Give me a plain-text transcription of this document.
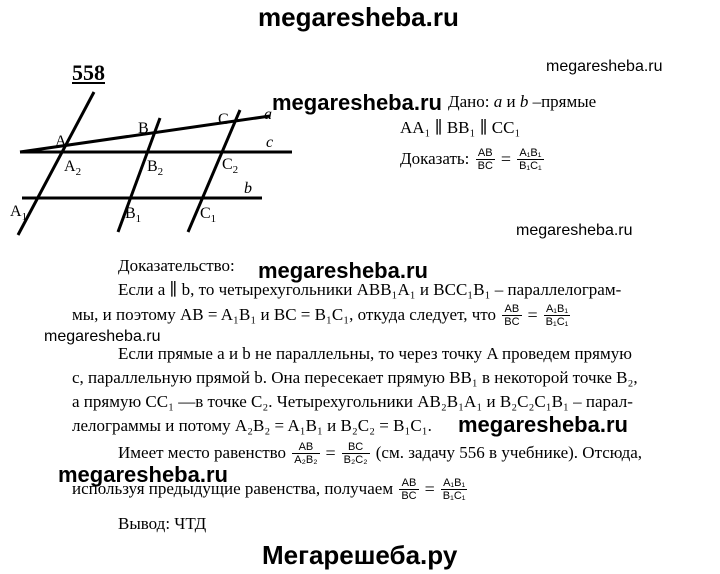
megaresheba.ru
megaresheba.ru
megaresheba.ru
megaresheba.ru
megaresheba.ru
megaresheba.ru
megaresheba.ru
megaresheba.ru
Мегарешеба.ру
558
A
B
C a
c
b
$A_2$	$B_2$	$C_2$
$A_1$	$B_1$	$C_1$
Дано: a и b –прямые
AA₁ ∥ BB₁ ∥ CC₁
Доказать: $\frac{AB}{BC} = \frac{\text{A₁B₁}}{\text{B₁C₁}}$
Доказательство:
Если a ∥ b, то четырехугольники ABB₁A₁ и BCC₁B₁ – параллелограм-
мы, и поэтому AB = A₁B₁ и BC = B₁C₁, откуда следует, что $\frac{AB}{BC} = \frac{\text{A₁B₁}}{\text{B₁C₁}}$
Если прямые a и b не параллельны, то через точку A проведем прямую
c, параллельную прямой b. Она пересекает прямую BB₁ в некоторой точке B₂,
а прямую CC₁ —в точке C₂. Четырехугольники AB₂B₁A₁ и B₂C₂C₁B₁ – парал-
лелограммы и потому A₂B₂ = A₁B₁ и B₂C₂ = B₁C₁.
Имеет место равенство $\frac{AB}{\text{A₂B₂}} = \frac{BC}{\text{B₂C₂}} (см$. задачу 556 в учебнике). Отсюда,
используя предыдущие равенства, получаем $\frac{AB}{BC} = \frac{\text{A₁B₁}}{\text{B₁C₁}}$
Вывод: ЧТД
